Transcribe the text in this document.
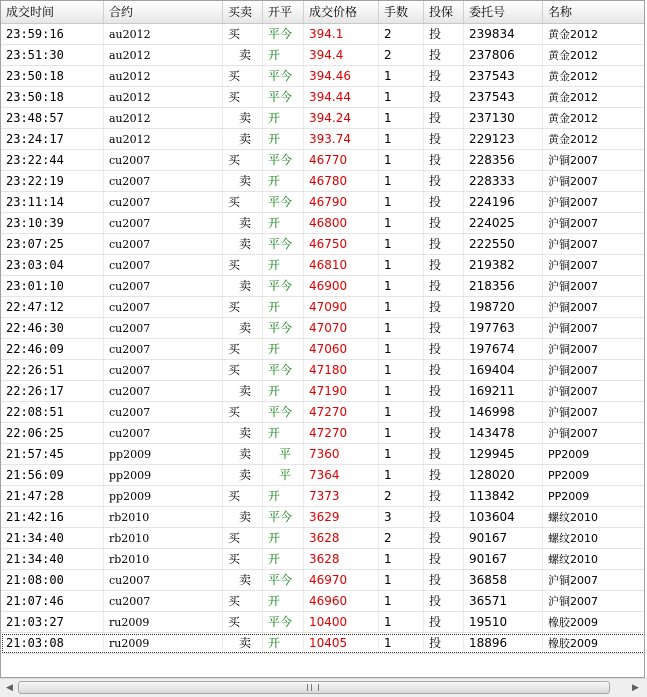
成交时间	合约	买卖	开平	成交价格	手数	投保	委托号	名称
23:59:16	au2012	买	平今	394.1	2	投	239834	黄金2012
23:51:30	au2012	卖	开	394.4	2	投	237806	黄金2012
23:50:18	au2012	买	平今	394.46	1	投	237543	黄金2012
23:50:18	au2012	买	平今	394.44	1	投	237543	黄金2012
23:48:57	au2012	卖	开	394.24	1	投	237130	黄金2012
23:24:17	au2012	卖	开	393.74	1	投	229123	黄金2012
23:22:44	cu2007	买	平今	46770	1	投	228356	沪铜2007
23:22:19	cu2007	卖	开	46780	1	投	228333	沪铜2007
23:11:14	cu2007	买	平今	46790	1	投	224196	沪铜2007
23:10:39	cu2007	卖	开	46800	1	投	224025	沪铜2007
23:07:25	cu2007	卖	平今	46750	1	投	222550	沪铜2007
23:03:04	cu2007	买	开	46810	1	投	219382	沪铜2007
23:01:10	cu2007	卖	平今	46900	1	投	218356	沪铜2007
22:47:12	cu2007	买	开	47090	1	投	198720	沪铜2007
22:46:30	cu2007	卖	平今	47070	1	投	197763	沪铜2007
22:46:09	cu2007	买	开	47060	1	投	197674	沪铜2007
22:26:51	cu2007	买	平今	47180	1	投	169404	沪铜2007
22:26:17	cu2007	卖	开	47190	1	投	169211	沪铜2007
22:08:51	cu2007	买	平今	47270	1	投	146998	沪铜2007
22:06:25	cu2007	卖	开	47270	1	投	143478	沪铜2007
21:57:45	pp2009	卖	平	7360	1	投	129945	PP2009
21:56:09	pp2009	卖	平	7364	1	投	128020	PP2009
21:47:28	pp2009	买	开	7373	2	投	113842	PP2009
21:42:16	rb2010	卖	平今	3629	3	投	103604	螺纹2010
21:34:40	rb2010	买	开	3628	2	投	90167	螺纹2010
21:34:40	rb2010	买	开	3628	1	投	90167	螺纹2010
21:08:00	cu2007	卖	平今	46970	1	投	36858	沪铜2007
21:07:46	cu2007	买	开	46960	1	投	36571	沪铜2007
21:03:27	ru2009	买	平今	10400	1	投	19510	橡胶2009
21:03:08	ru2009	卖	开	10405	1	投	18896	橡胶2009
◀	▶
